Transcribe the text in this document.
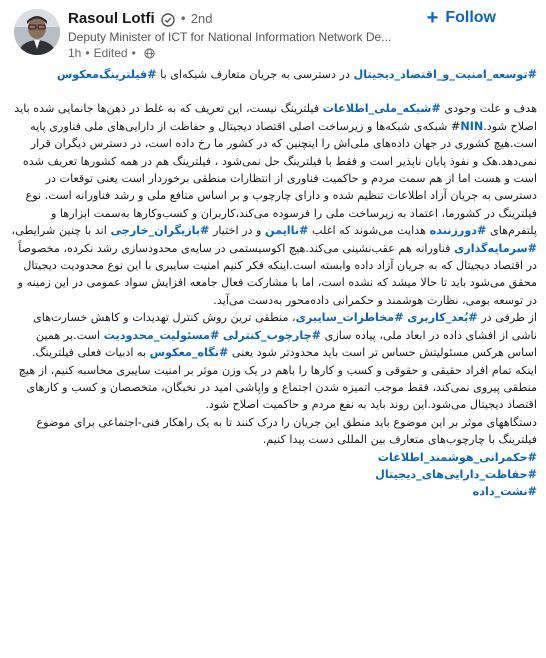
Rasoul Lotfi • 2nd
Deputy Minister of ICT for National Information Network De...
1h • Edited •
+ Follow

#توسعه_امنیت_و_اقتصاد_دیجیتال در دسترسی به جریان متعارف شبکه‌ای با #فیلترینگ‌معکوس

هدف و علت وجودی #شبکه_ملی_اطلاعات فیلترینگ نیست، این تعریف که به غلط در ذهن‌ها جانمایی شده باید اصلاح شود.NIN# شبکه‌ی شبکه‌ها و زیرساخت اصلی اقتصاد دیجیتال و حفاظت از دارایی‌های ملی فناوری پایه است.هیچ کشوری در جهان داده‌های ملی‌اش را اینچنین که در کشور ما رخ داده است، در دسترس دیگران قرار نمی‌دهد.هک و نفوذ پایان ناپذیر است و فقط با فیلترینگ حل نمی‌شود ، فیلترینگ هم در همه کشورها تعریف شده است و هست اما از هم سمت مردم و حاکمیت فناوری از انتظارات منطقی برخوردار است یعنی توقعات در دسترسی به جریان آزاد اطلاعات تنظیم شده و دارای چارچوب و بر اساس منافع ملی و رشد فناورانه است. نوع فیلترینگ در کشورما، اعتماد به زیرساخت ملی را فرسوده می‌کند،کاربران و کسب‌وکارها به‌سمت ابزارها و پلتفرم‌های #دورزننده هدایت می‌شوند که اغلب #ناایمن و در اختیار #بازیگران_خارجی اند با چنین شرایطی، #سرمایه‌گذاری فناورانه هم عقب‌نشینی می‌کند.هیچ اکوسیستمی در سایه‌ی محدودسازی رشد نکرده، مخصوصاً در اقتصاد دیجیتال که به جریان آزاد داده وابسته است.اینکه فکر کنیم امنیت سایبری با این نوع محدودیت دیجیتال محقق می‌شود باید تا حالا میشد که نشده است، اما با مشارکت فعال جامعه افزایش سواد عمومی در این زمینه و در توسعه بومی، نظارت هوشمند و حکمرانی داده‌محور به‌دست می‌آید.

از طرفی در #بُعد_کاربری #مخاطرات_سایبری، منطقی ترین روش کنترل تهدیدات و کاهش خسارت‌های ناشی از افشای داده در ابعاد ملی، پیاده سازی #چارچوب_کنترلی #مسئولیت_محدودیت است.بر همین اساس هرکس مسئولیتش حساس تر است باید محدودتر شود یعنی #نگاه_معکوس به ادبیات فعلی فیلترینگ.

اینکه تمام افراد حقیقی و حقوقی و کسب و کارها را باهم در یک وزن موثر بر امنیت سایبری محاسبه کنیم، از هیچ منطقی پیروی نمی‌کند، فقط موجب اتمیزه شدن اجتماع و واپاشی امید در نخبگان، متخصصان و کسب و کارهای اقتصاد دیجیتال می‌شود.این روند باید به نفع مردم و حاکمیت اصلاح شود.

دستگاههای موثر بر این موضوع باید منطق این جریان را درک کنند تا به یک راهکار فنی-اجتماعی برای موضوع فیلترینگ با چارچوب‌های متعارف بین المللی دست پیدا کنیم.

#حکمرانی_هوشمند_اطلاعات
#حفاظت_دارایی‌های_دیجیتال
#نشت_داده
